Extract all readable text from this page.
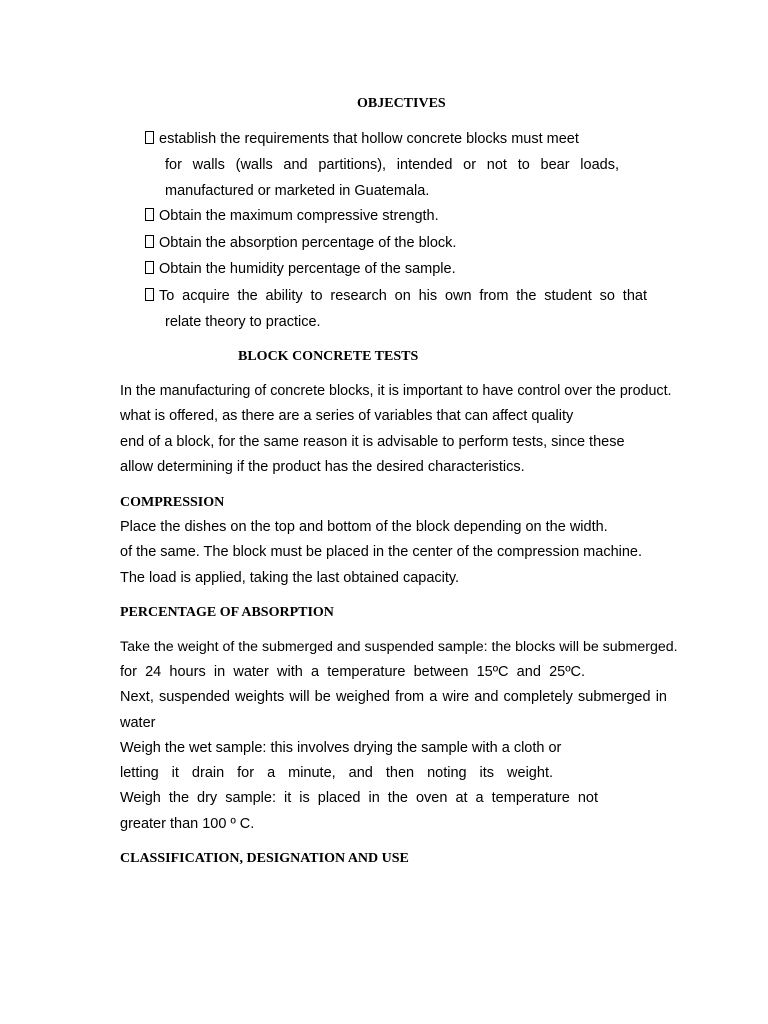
OBJECTIVES
establish the requirements that hollow concrete blocks must meet

for walls (walls and partitions), intended or not to bear loads,

manufactured or marketed in Guatemala.

Obtain the maximum compressive strength.
Obtain the absorption percentage of the block.
Obtain the humidity percentage of the sample.
To acquire the ability to research on his own from the student so that

relate theory to practice.

BLOCK CONCRETE TESTS

In the manufacturing of concrete blocks, it is important to have control over the product.

what is offered, as there are a series of variables that can affect quality

end of a block, for the same reason it is advisable to perform tests, since these

allow determining if the product has the desired characteristics.

COMPRESSION

Place the dishes on the top and bottom of the block depending on the width.

of the same. The block must be placed in the center of the compression machine.

The load is applied, taking the last obtained capacity.

PERCENTAGE OF ABSORPTION

Take the weight of the submerged and suspended sample: the blocks will be submerged.

for 24 hours in water with a temperature between 15ºC and 25ºC.

Next, suspended weights will be weighed from a wire and completely submerged in

water

Weigh the wet sample: this involves drying the sample with a cloth or

letting it drain for a minute, and then noting its weight.

Weigh the dry sample: it is placed in the oven at a temperature not

greater than 100 º C.

CLASSIFICATION, DESIGNATION AND USE
